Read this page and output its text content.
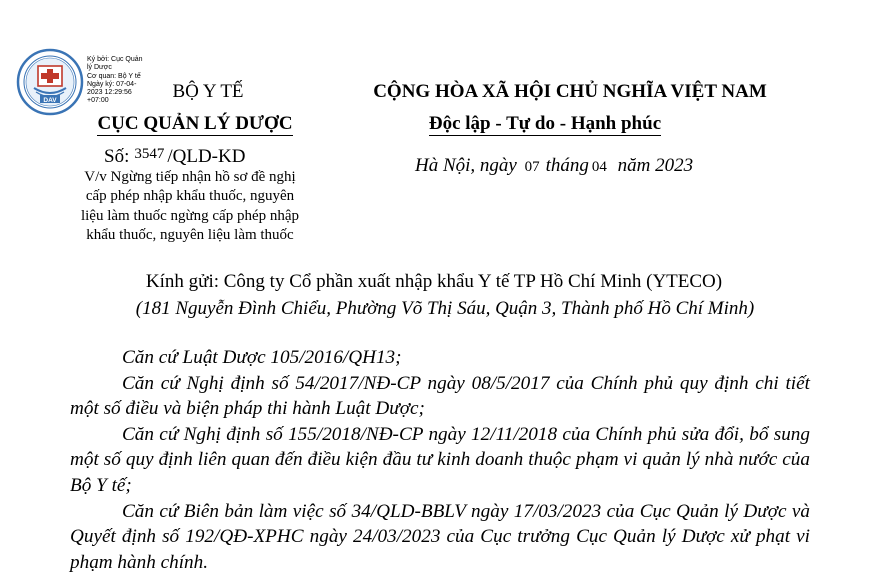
DAV
Ký bởi: Cục Quản
lý Dược
Cơ quan: Bộ Y tế
Ngày ký: 07-04-
2023 12:29:56
+07:00	BỘ Y TẾ
CỤC QUẢN LÝ DƯỢC
Số: $^{3547}$ /QLD-KD
V/v Ngừng tiếp nhận hồ sơ đề nghị
cấp phép nhập khẩu thuốc, nguyên
liệu làm thuốc ngừng cấp phép nhập
khẩu thuốc, nguyên liệu làm thuốc
CỘNG HÒA XÃ HỘI CHỦ NGHĨA VIỆT NAM
Độc lập - Tự do - Hạnh phúc
Hà Nội, ngày 07 tháng 04 năm 2023
Kính gửi: Công ty Cổ phần xuất nhập khẩu Y tế TP Hồ Chí Minh (YTECO)
(181 Nguyễn Đình Chiểu, Phường Võ Thị Sáu, Quận 3, Thành phố Hồ Chí Minh)
Căn cứ Luật Dược 105/2016/QH13;
Căn cứ Nghị định số 54/2017/NĐ-CP ngày 08/5/2017 của Chính phủ quy định chi tiết một số điều và biện pháp thi hành Luật Dược;
Căn cứ Nghị định số 155/2018/NĐ-CP ngày 12/11/2018 của Chính phủ sửa đổi, bổ sung một số quy định liên quan đến điều kiện đầu tư kinh doanh thuộc phạm vi quản lý nhà nước của Bộ Y tế;
Căn cứ Biên bản làm việc số 34/QLD-BBLV ngày 17/03/2023 của Cục Quản lý Dược và Quyết định số 192/QĐ-XPHC ngày 24/03/2023 của Cục trưởng Cục Quản lý Dược xử phạt vi phạm hành chính.
